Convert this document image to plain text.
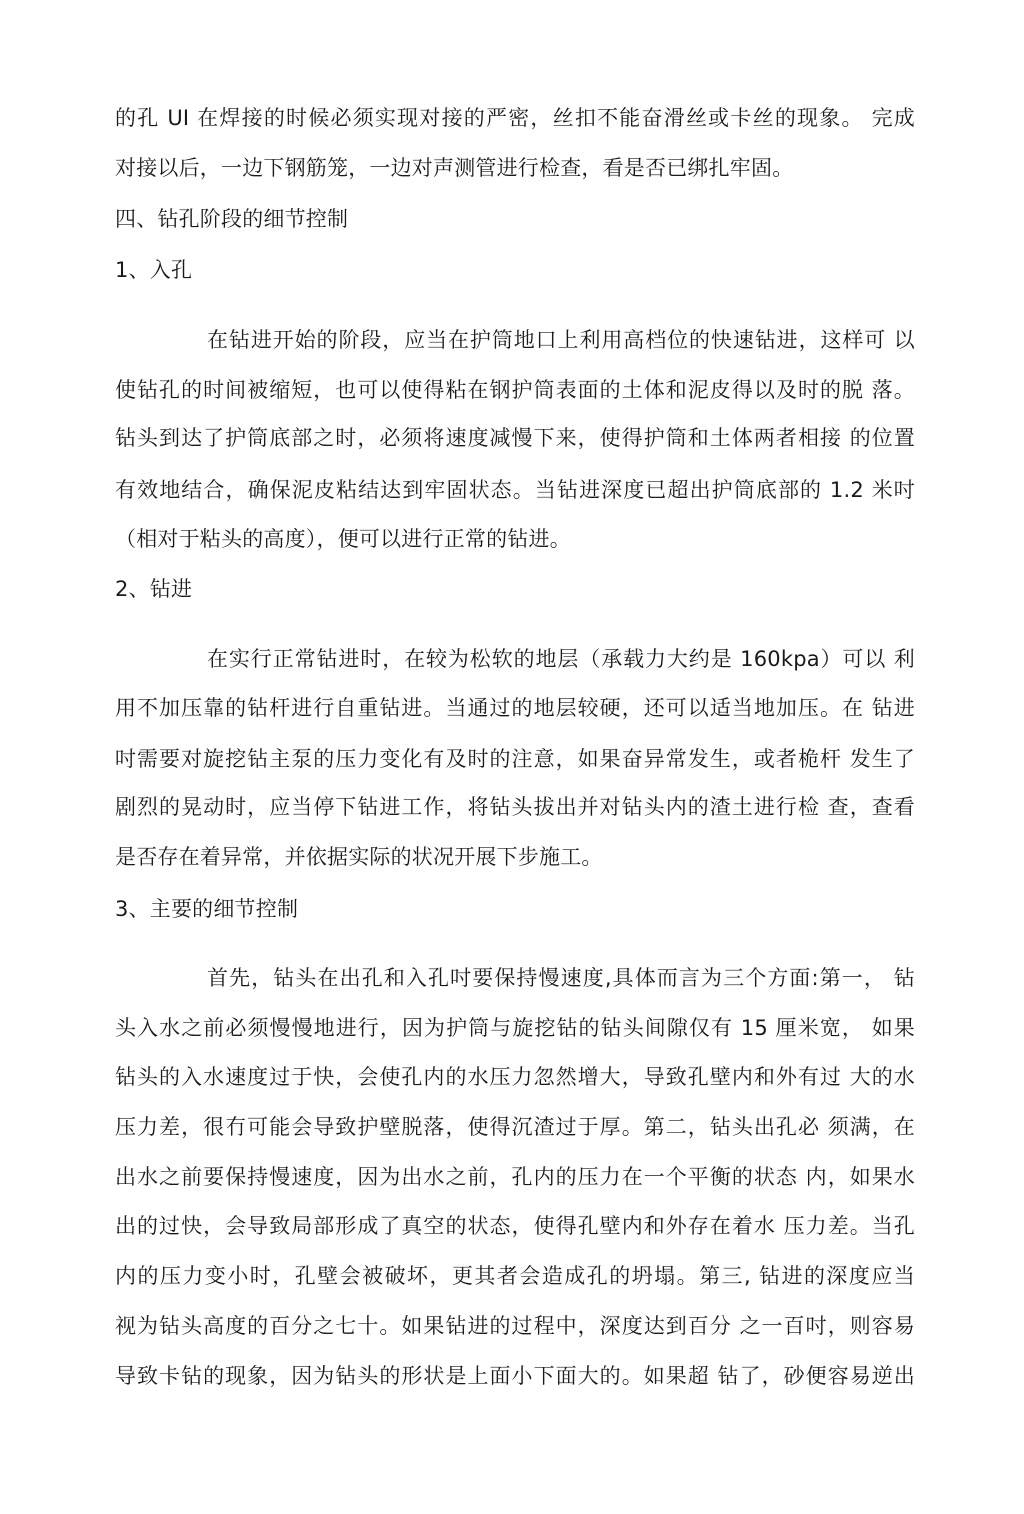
的孔 UI 在焊接的时候必须实现对接的严密，丝扣不能奋滑丝或卡丝的现象。 完成
对接以后，一边下钢筋笼，一边对声测管进行检查，看是否已绑扎牢固。
四、钻孔阶段的细节控制
1、入孔
在钻进开始的阶段，应当在护筒地口上利用高档位的快速钻进，这样可 以
使钻孔的时间被缩短，也可以使得粘在钢护筒表面的土体和泥皮得以及时的脱 落。
钻头到达了护筒底部之时，必须将速度减慢下来，使得护筒和土体两者相接 的位置
有效地结合，确保泥皮粘结达到牢固状态。当钻进深度已超出护筒底部的 1.2 米吋
（相对于粘头的高度），便可以进行正常的钻进。
2、钻进
在实行正常钻进时，在较为松软的地层（承载力大约是 160kpa）可以 利
用不加压靠的钻杆进行自重钻进。当通过的地层较硬，还可以适当地加压。在 钻进
吋需要对旋挖钻主泵的压力变化有及时的注意，如果奋异常发生，或者桅杆 发生了
剧烈的晃动时，应当停下钻进工作，将钻头拔出并对钻头内的渣土进行检 查，查看
是否存在着异常，并依据实际的状况开展下步施工。
3、主要的细节控制
首先，钻头在出孔和入孔吋要保持慢速度,具体而言为三个方面:第一， 钻
头入水之前必须慢慢地进行，因为护筒与旋挖钻的钻头间隙仅有 15 厘米宽， 如果
钻头的入水速度过于快，会使孔内的水压力忽然增大，导致孔壁内和外有过 大的水
压力差，很冇可能会导致护壁脱落，使得沉渣过于厚。第二，钻头出孔必 须满，在
出水之前要保持慢速度，因为出水之前，孔内的压力在一个平衡的状态 内，如果水
出的过快，会导致局部形成了真空的状态，使得孔壁内和外存在着水 压力差。当孔
内的压力变小时，孔壁会被破坏，更其者会造成孔的坍塌。第三, 钻进的深度应当
视为钻头高度的百分之七十。如果钻进的过程中，深度达到百分 之一百吋，则容易
导致卡钻的现象，因为钻头的形状是上面小下面大的。如果超 钻了，砂便容易逆出
